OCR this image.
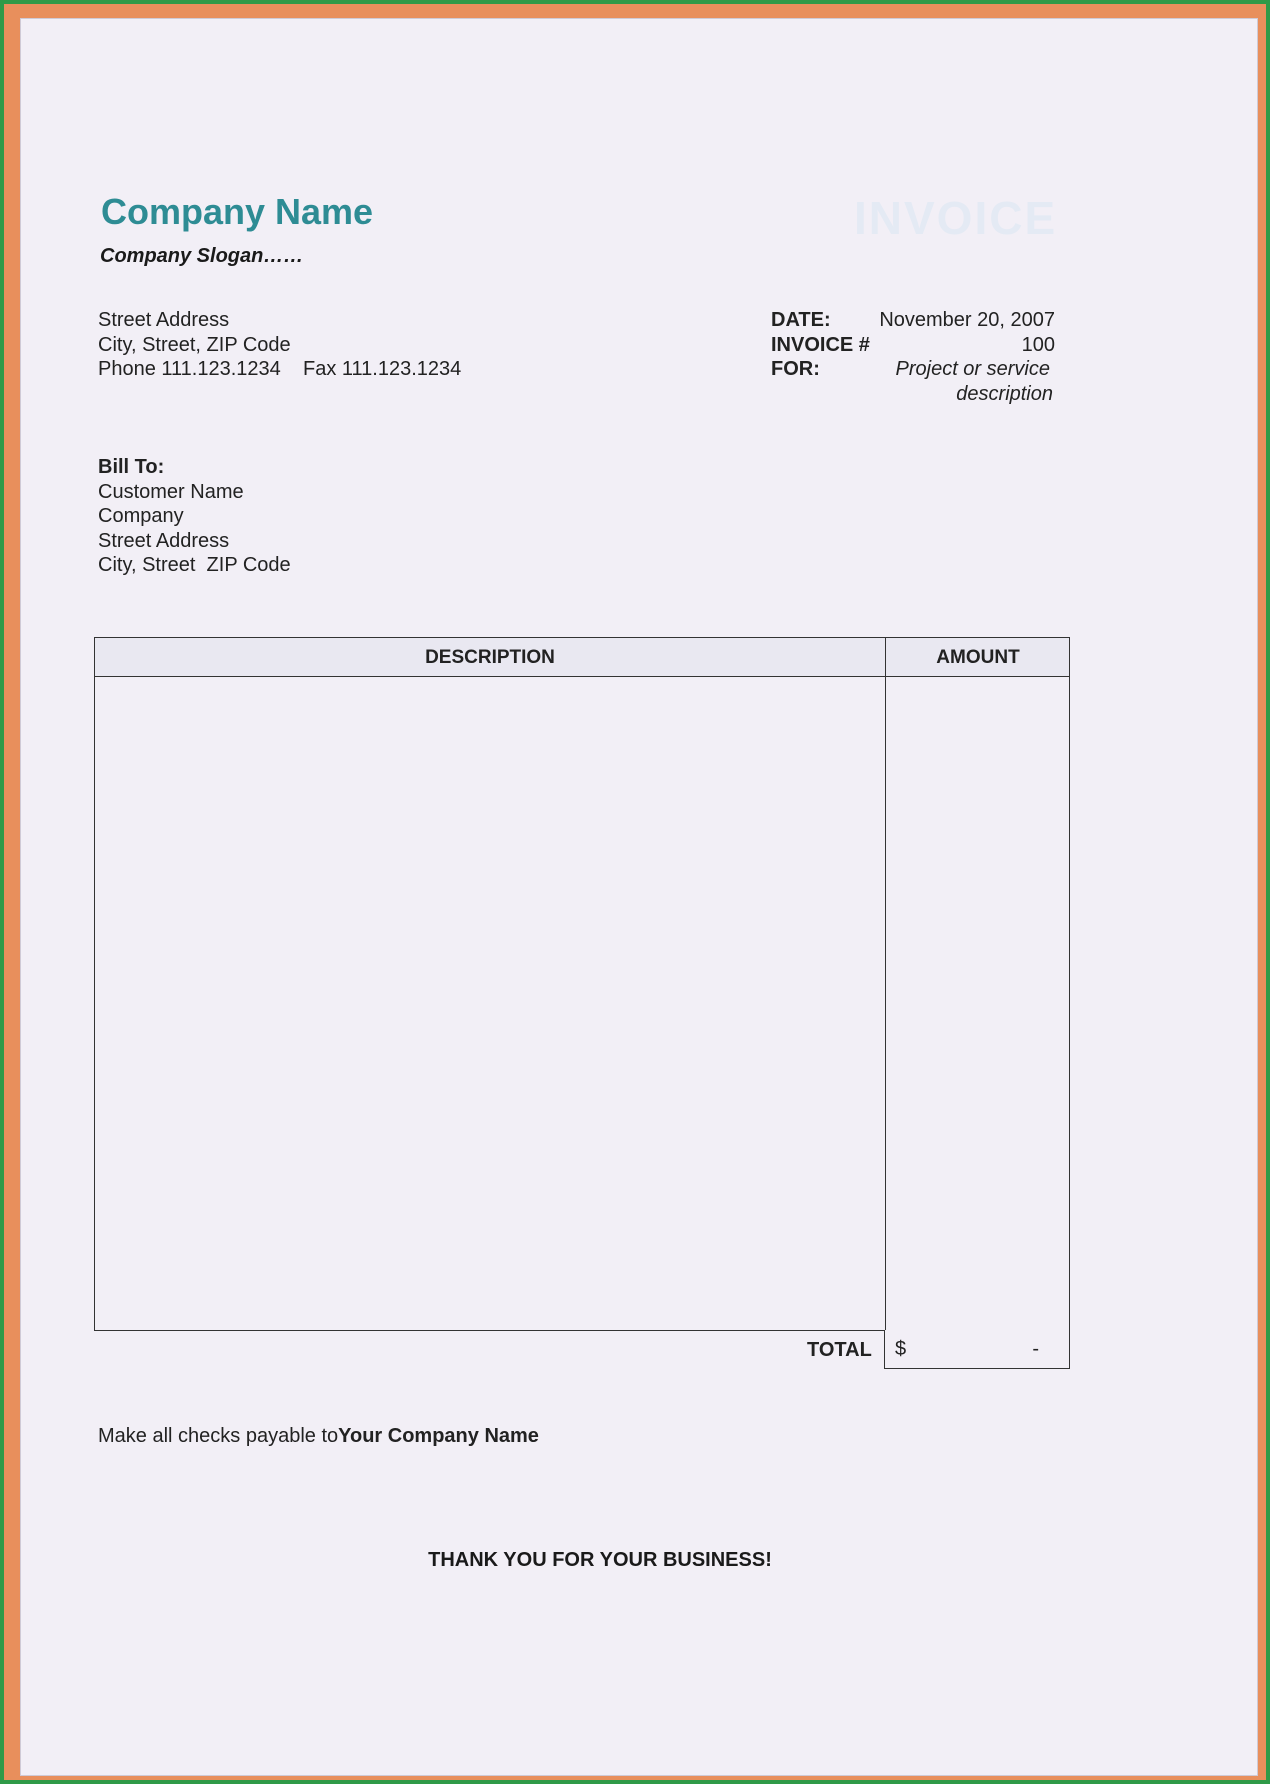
Company Name
Company Slogan……
INVOICE
Street Address
City, Street, ZIP Code
Phone 111.123.1234    Fax 111.123.1234
DATE: November 20, 2007
INVOICE #	100
FOR:	Project or service
description
Bill To:
Customer Name
Company
Street Address
City, Street  ZIP Code
DESCRIPTION	AMOUNT
TOTAL $	-
Make all checks payable toYour Company Name
THANK YOU FOR YOUR BUSINESS!
